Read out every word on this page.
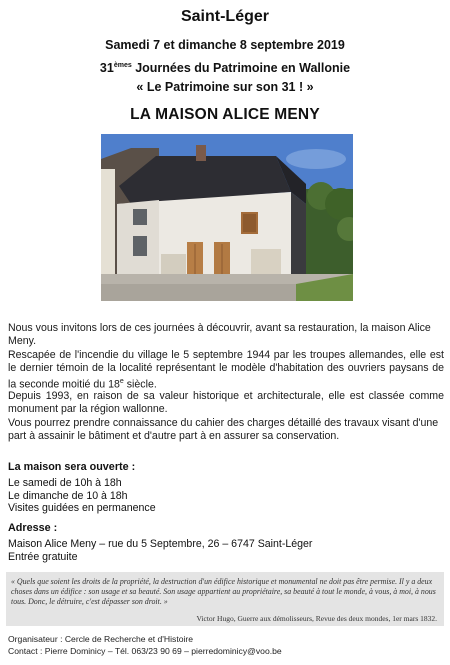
Saint-Léger
Samedi 7 et dimanche 8 septembre 2019
31èmes Journées du Patrimoine en Wallonie
« Le Patrimoine sur son 31 ! »
LA MAISON ALICE MENY
Nous vous invitons lors de ces journées à découvrir, avant sa restauration, la maison Alice Meny.
Rescapée de l'incendie du village le 5 septembre 1944 par les troupes allemandes, elle est le dernier témoin de la localité représentant le modèle d'habitation des ouvriers paysans de la seconde moitié du 18e siècle.
Depuis 1993, en raison de sa valeur historique et architecturale, elle est classée comme monument par la région wallonne.
Vous pourrez prendre connaissance du cahier des charges détaillé des travaux visant d'une part à assainir le bâtiment et d'autre part à en assurer sa conservation.
La maison sera ouverte :
Le samedi de 10h à 18h
Le dimanche de 10 à 18h
Visites guidées en permanence
Adresse :
Maison Alice Meny – rue du 5 Septembre, 26 – 6747 Saint-Léger
Entrée gratuite
« Quels que soient les droits de la propriété, la destruction d'un édifice historique et monumental ne doit pas être permise. Il y a deux choses dans un édifice : son usage et sa beauté. Son usage appartient au propriétaire, sa beauté à tout le monde, à vous, à moi, à nous tous. Donc, le détruire, c'est dépasser son droit. »
Victor Hugo, Guerre aux démolisseurs, Revue des deux mondes, 1er mars 1832.
Organisateur : Cercle de Recherche et d'Histoire
Contact : Pierre Dominicy – Tél. 063/23 90 69 – pierredominicy@voo.be
